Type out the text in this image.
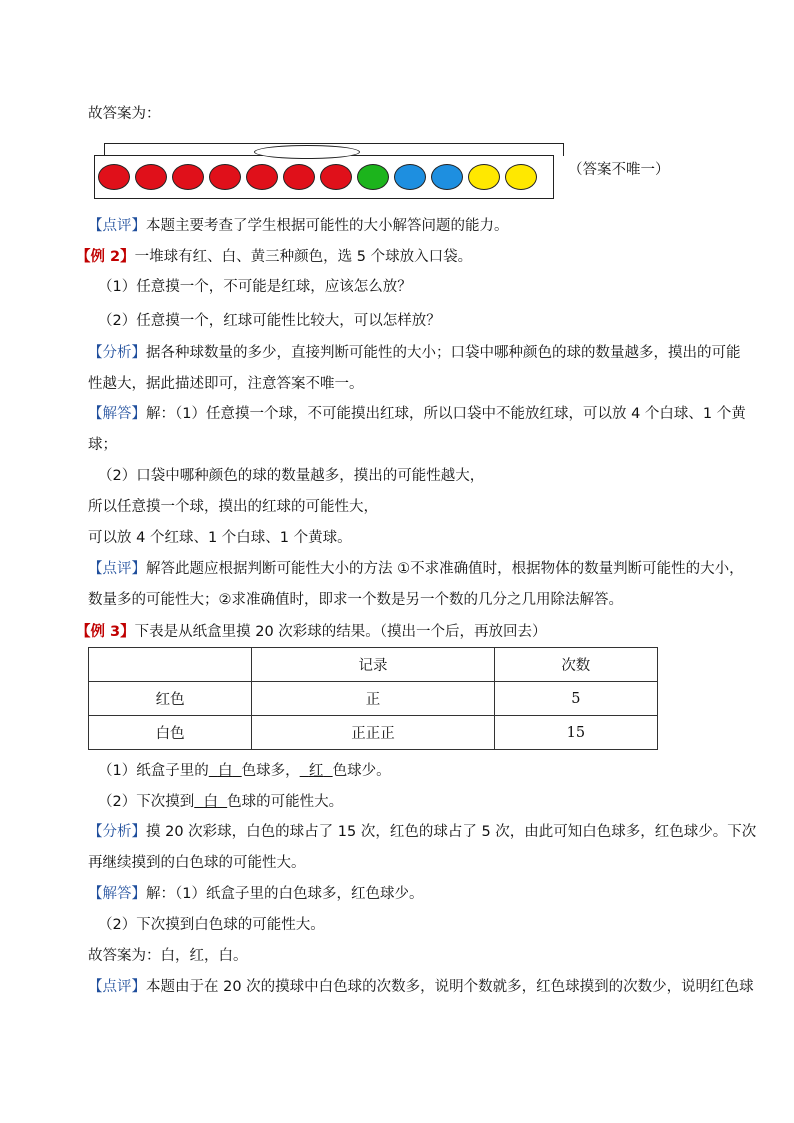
故答案为：
（答案不唯一）
【点评】本题主要考查了学生根据可能性的大小解答问题的能力。
【例 2】一堆球有红、白、黄三种颜色，选 5 个球放入口袋。
（1）任意摸一个，不可能是红球，应该怎么放？
（2）任意摸一个，红球可能性比较大，可以怎样放？
【分析】据各种球数量的多少，直接判断可能性的大小；口袋中哪种颜色的球的数量越多，摸出的可能
性越大，据此描述即可，注意答案不唯一。
【解答】解：（1）任意摸一个球，不可能摸出红球，所以口袋中不能放红球，可以放 4 个白球、1 个黄
球；
（2）口袋中哪种颜色的球的数量越多，摸出的可能性越大，
所以任意摸一个球，摸出的红球的可能性大，
可以放 4 个红球、1 个白球、1 个黄球。
【点评】解答此题应根据判断可能性大小的方法 ①不求准确值时，根据物体的数量判断可能性的大小，
数量多的可能性大；②求准确值时，即求一个数是另一个数的几分之几用除法解答。
【例 3】下表是从纸盒里摸 20 次彩球的结果。（摸出一个后，再放回去）
	记录	次数
红色	正	5
白色	正正正	15
（1）纸盒子里的 白 色球多， 红 色球少。
（2）下次摸到 白 色球的可能性大。
【分析】摸 20 次彩球，白色的球占了 15 次，红色的球占了 5 次，由此可知白色球多，红色球少。下次
再继续摸到的白色球的可能性大。
【解答】解：（1）纸盒子里的白色球多，红色球少。
（2）下次摸到白色球的可能性大。
故答案为：白，红，白。
【点评】本题由于在 20 次的摸球中白色球的次数多，说明个数就多，红色球摸到的次数少，说明红色球
